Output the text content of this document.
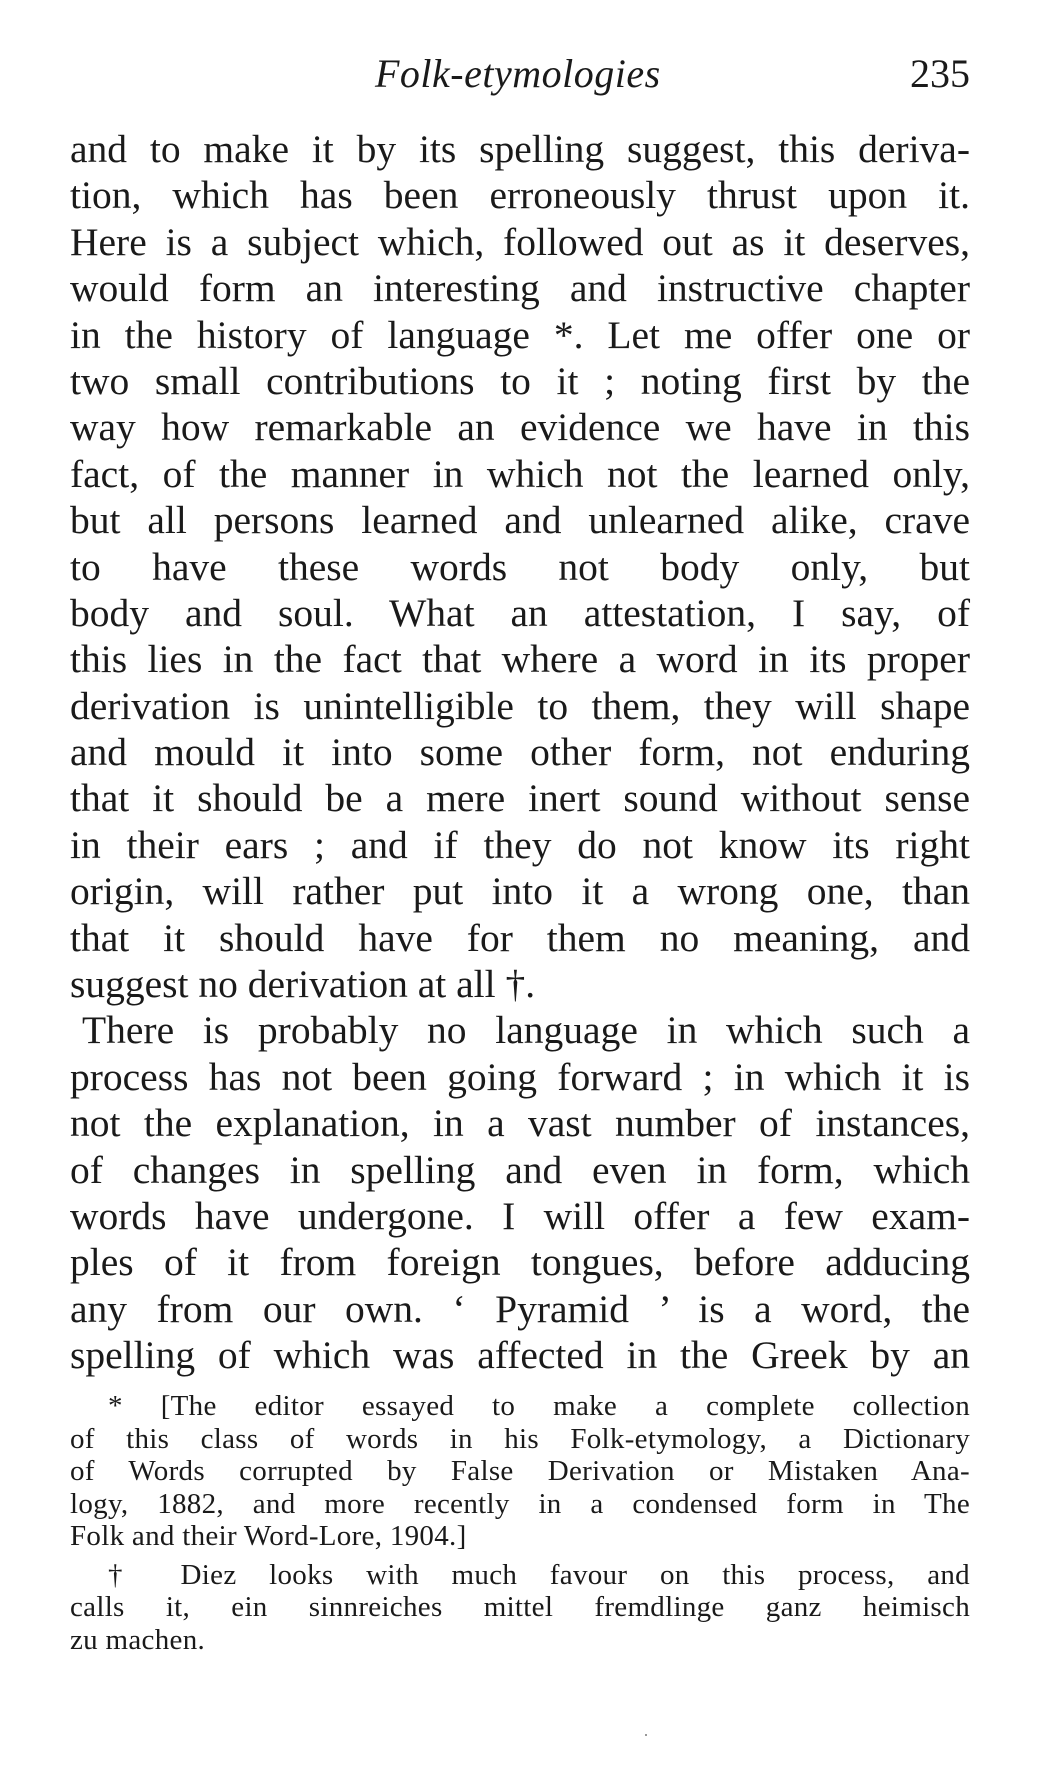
Folk-etymologies	235
and to make it by its spelling suggest, this deriva-
tion, which has been erroneously thrust upon it.
Here is a subject which, followed out as it deserves,
would form an interesting and instructive chapter
in the history of language *. Let me offer one or
two small contributions to it ; noting first by the
way how remarkable an evidence we have in this
fact, of the manner in which not the learned only,
but all persons learned and unlearned alike, crave
to have these words not body only, but
body and soul. What an attestation, I say, of
this lies in the fact that where a word in its proper
derivation is unintelligible to them, they will shape
and mould it into some other form, not enduring
that it should be a mere inert sound without sense
in their ears ; and if they do not know its right
origin, will rather put into it a wrong one, than
that it should have for them no meaning, and
suggest no derivation at all †.
There is probably no language in which such a
process has not been going forward ; in which it is
not the explanation, in a vast number of instances,
of changes in spelling and even in form, which
words have undergone. I will offer a few exam-
ples of it from foreign tongues, before adducing
any from our own. ‘ Pyramid ’ is a word, the
spelling of which was affected in the Greek by an
* [The editor essayed to make a complete collection
of this class of words in his Folk-etymology, a Dictionary
of Words corrupted by False Derivation or Mistaken Ana-
logy, 1882, and more recently in a condensed form in The
Folk and their Word-Lore, 1904.]
† Diez looks with much favour on this process, and
calls it, ein sinnreiches mittel fremdlinge ganz heimisch
zu machen.
